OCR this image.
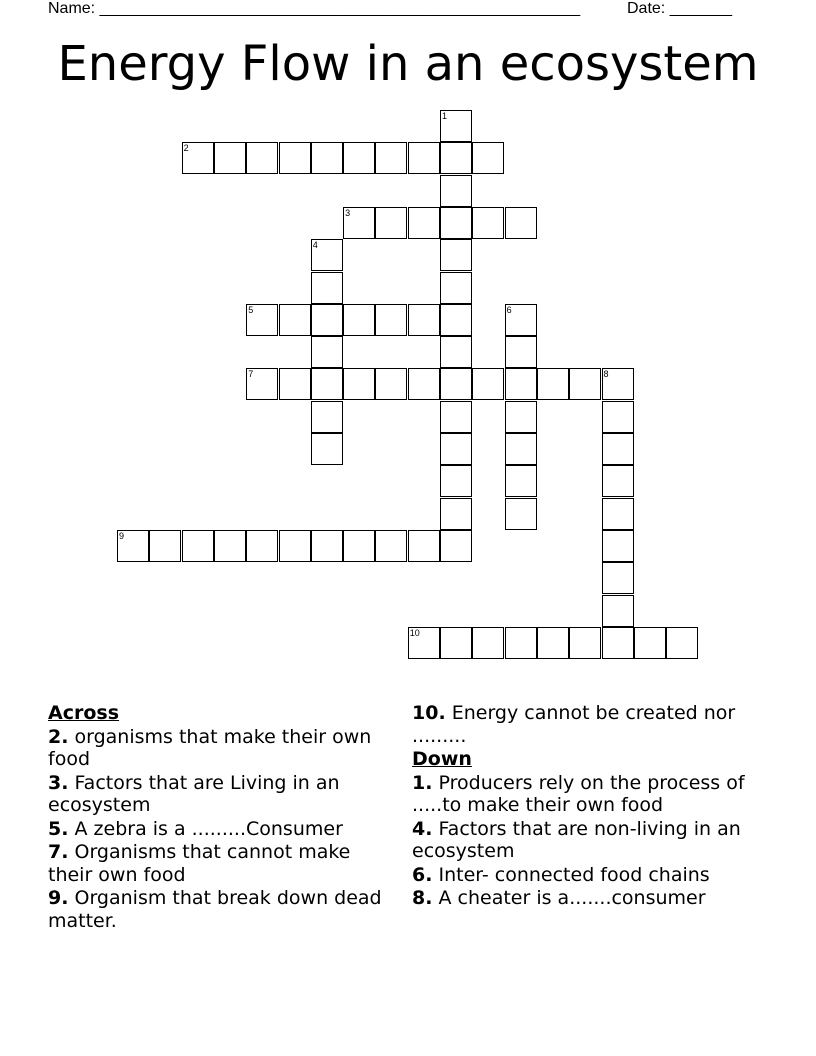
Name: ______________________________________________________	Date: _______
Energy Flow in an ecosystem
1
2
3
4
5	6
7	8
9
10
Across
2. organisms that make their own food
3. Factors that are Living in an ecosystem
5. A zebra is a .........Consumer
7. Organisms that cannot make their own food
9. Organism that break down dead matter.
10. Energy cannot be created nor .........
Down
1. Producers rely on the process of .....to make their own food
4. Factors that are non-living in an ecosystem
6. Inter- connected food chains
8. A cheater is a.......consumer
